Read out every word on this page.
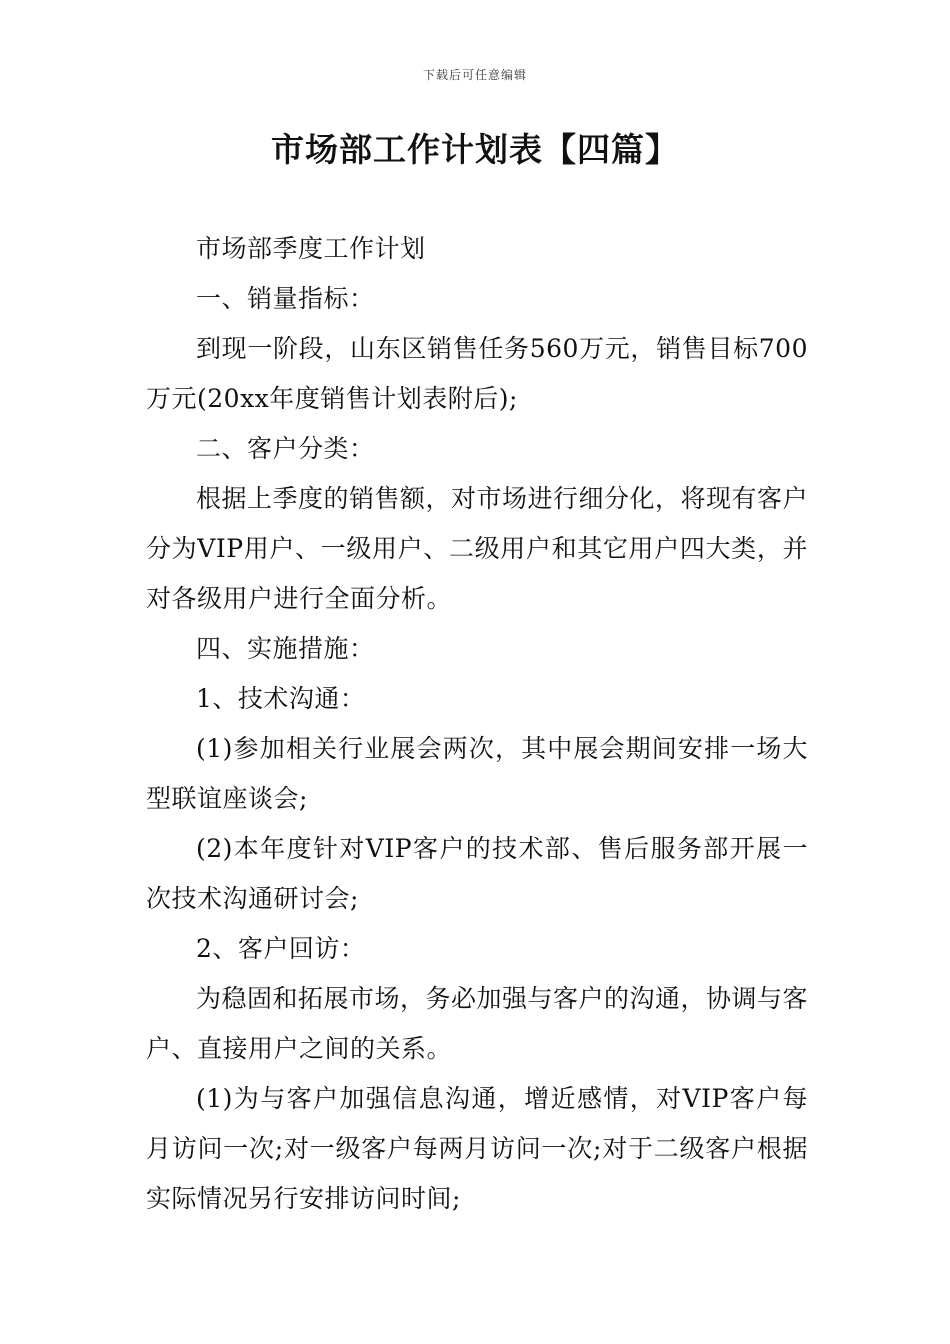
下载后可任意编辑
市场部工作计划表【四篇】

市场部季度工作计划

一、销量指标：

到现一阶段，山东区销售任务560万元，销售目标700万元(20xx年度销售计划表附后);

二、客户分类：

根据上季度的销售额，对市场进行细分化，将现有客户分为VIP用户、一级用户、二级用户和其它用户四大类，并对各级用户进行全面分析。

四、实施措施：

1、技术沟通：

(1)参加相关行业展会两次，其中展会期间安排一场大型联谊座谈会;

(2)本年度针对VIP客户的技术部、售后服务部开展一次技术沟通研讨会;

2、客户回访：

为稳固和拓展市场，务必加强与客户的沟通，协调与客户、直接用户之间的关系。

(1)为与客户加强信息沟通，增近感情，对VIP客户每月访问一次;对一级客户每两月访问一次;对于二级客户根据实际情况另行安排访问时间;
